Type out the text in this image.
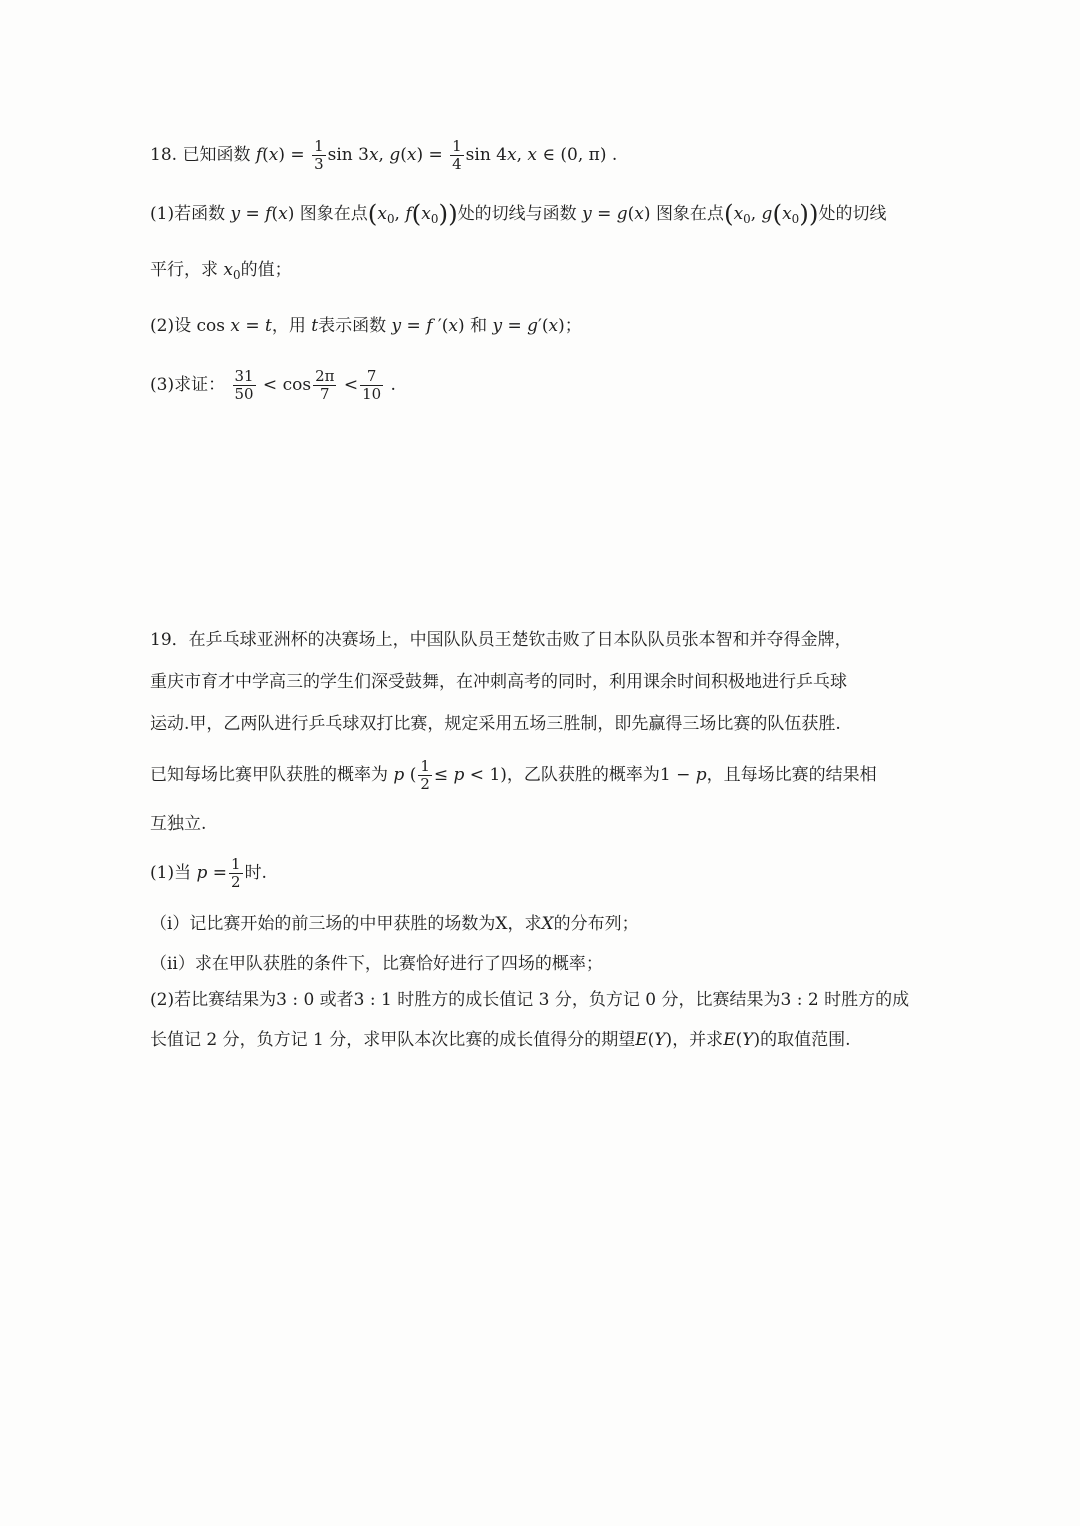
18. 已知函数 $f(x) = \frac{1}{3}$ sin 3x, $g(x) = \frac{1}{4}$ sin 4x, x ∈ (0, π) .
(1)若函数 y = f(x) 图象在点($x_0$, $f(x_0)$)处的切线与函数 y = g(x) 图象在点($x_0$, $g(x_0)$)处的切线
平行，求 $x_0$的值；
(2)设 cos x = t，用 t表示函数 y = f ′(x) 和 y = g′(x)；
(3)求证： $\frac{31}{50} < \cos \frac{2\pi}{7} < \frac{7}{10}$ .
19．在乒乓球亚洲杯的决赛场上，中国队队员王楚钦击败了日本队队员张本智和并夺得金牌，
重庆市育才中学高三的学生们深受鼓舞，在冲刺高考的同时，利用课余时间积极地进行乒乓球
运动.甲，乙两队进行乒乓球双打比赛，规定采用五场三胜制，即先赢得三场比赛的队伍获胜.
已知每场比赛甲队获胜的概率为 p ( $\frac{1}{2} \le p < 1$)，乙队获胜的概率为1 − p，且每场比赛的结果相
互独立.
(1)当 $p = \frac{1}{2}$ 时.
（i）记比赛开始的前三场的中甲获胜的场数为X，求X的分布列；
（ii）求在甲队获胜的条件下，比赛恰好进行了四场的概率；
(2)若比赛结果为3 : 0 或者3 : 1 时胜方的成长值记 3 分，负方记 0 分，比赛结果为3 : 2 时胜方的成
长值记 2 分，负方记 1 分，求甲队本次比赛的成长值得分的期望E(Y)，并求E(Y)的取值范围.
